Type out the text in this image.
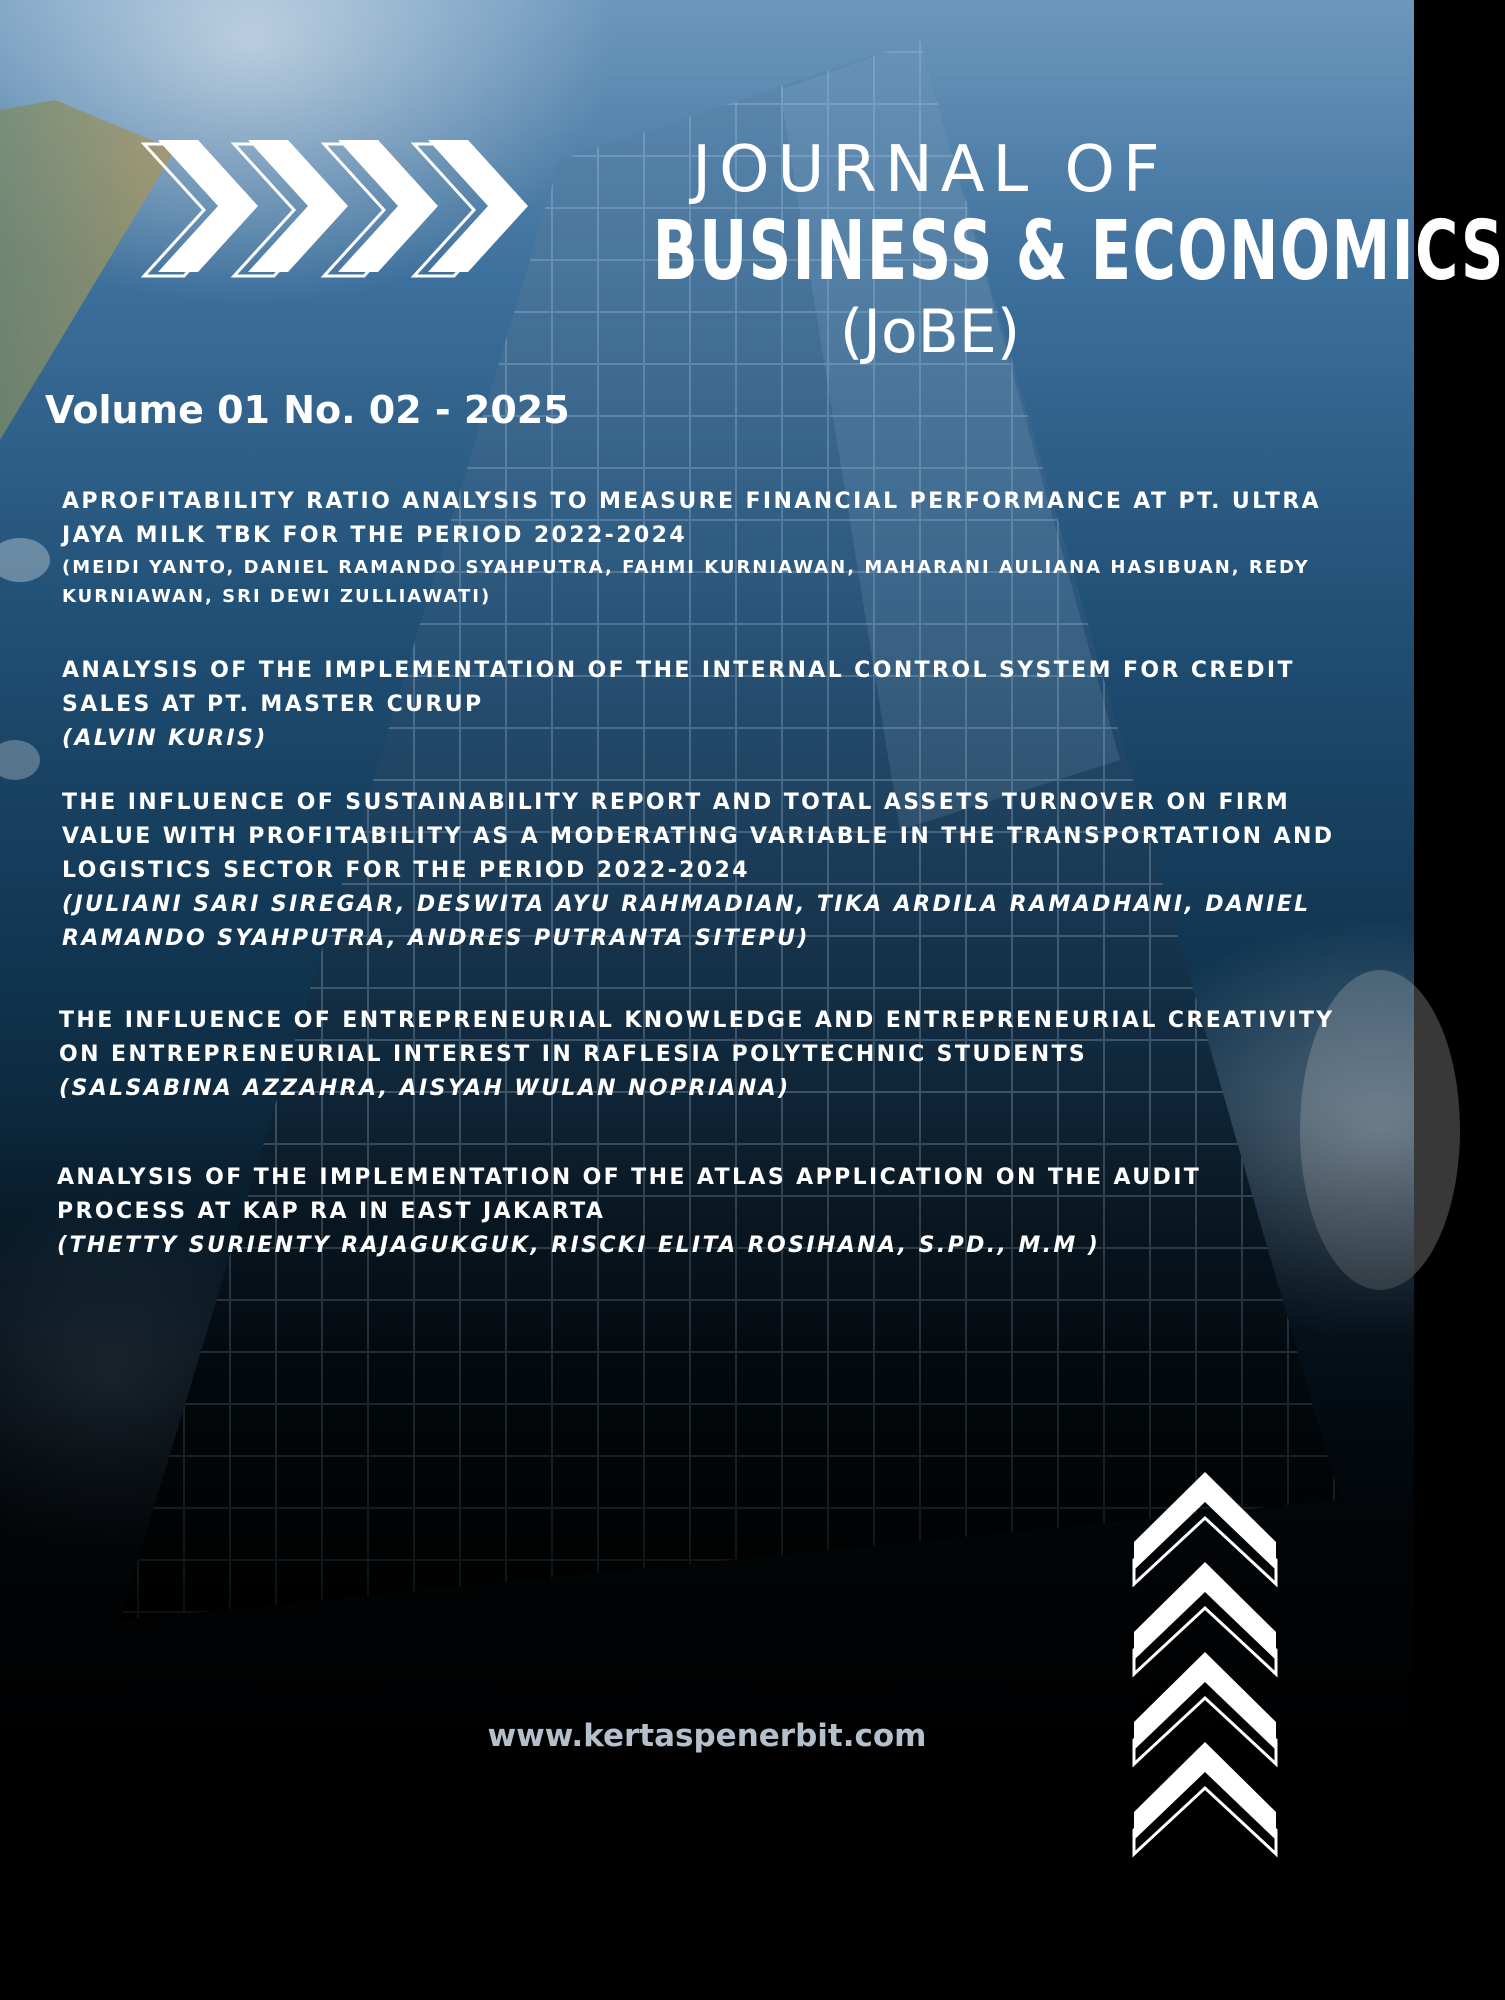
JOURNAL OF
BUSINESS & ECONOMICS
(JoBE)
Volume 01 No. 02 - 2025
APROFITABILITY RATIO ANALYSIS TO MEASURE FINANCIAL PERFORMANCE AT PT. ULTRA JAYA MILK TBK FOR THE PERIOD 2022-2024
(MEIDI YANTO, DANIEL RAMANDO SYAHPUTRA, FAHMI KURNIAWAN, MAHARANI AULIANA HASIBUAN, REDY KURNIAWAN, SRI DEWI ZULLIAWATI)
ANALYSIS OF THE IMPLEMENTATION OF THE INTERNAL CONTROL SYSTEM FOR CREDIT SALES AT PT. MASTER CURUP
(ALVIN KURIS)
THE INFLUENCE OF SUSTAINABILITY REPORT AND TOTAL ASSETS TURNOVER ON FIRM VALUE WITH PROFITABILITY AS A MODERATING VARIABLE IN THE TRANSPORTATION AND LOGISTICS SECTOR FOR THE PERIOD 2022-2024
(JULIANI SARI SIREGAR, DESWITA AYU RAHMADIAN, TIKA ARDILA RAMADHANI, DANIEL RAMANDO SYAHPUTRA, ANDRES PUTRANTA SITEPU)
THE INFLUENCE OF ENTREPRENEURIAL KNOWLEDGE AND ENTREPRENEURIAL CREATIVITY ON ENTREPRENEURIAL INTEREST IN RAFLESIA POLYTECHNIC STUDENTS
(SALSABINA AZZAHRA, AISYAH WULAN NOPRIANA)
ANALYSIS OF THE IMPLEMENTATION OF THE ATLAS APPLICATION ON THE AUDIT PROCESS AT KAP RA IN EAST JAKARTA
(THETTY SURIENTY RAJAGUKGUK, RISCKI ELITA ROSIHANA, S.PD., M.M )
www.kertaspenerbit.com
